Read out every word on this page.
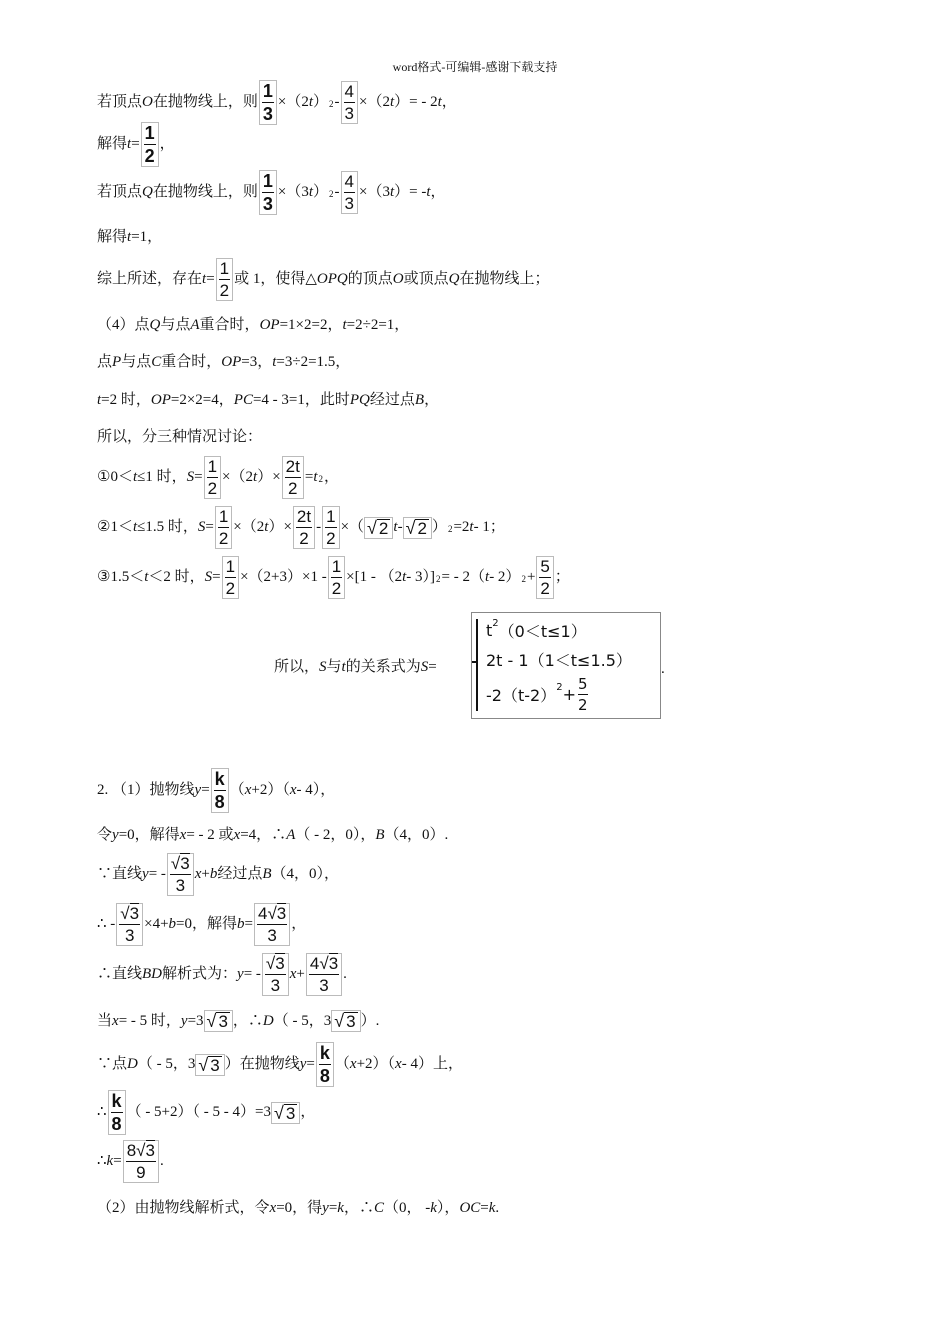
word格式-可编辑-感谢下载支持
若顶点 O 在抛物线上，则
1
3
×（2 t ） 2 -
4
3
×（2 t ）= - 2 t ，
解得 t =
1
2
，
若顶点 Q 在抛物线上，则
1
3
×（3 t ） 2 -
4
3
×（3 t ）= - t ，
解得 t =1，
综上所述，存在 t =
1
2
或 1，使得△ OPQ 的顶点 O 或顶点 Q 在抛物线上；
（4）点 Q 与点 A 重合时， OP =1×2=2， t =2÷2=1，
点 P 与点 C 重合时， OP =3， t =3÷2=1.5，
t =2 时， OP =2×2=4， PC =4 - 3=1，此时 PQ 经过点 B ，
所以，分三种情况讨论：
①0＜ t ≤1 时， S =
1
2
×（2 t ）×
2t
2
= t 2 ，
②1＜ t ≤1.5 时， S =
1
2
×（2 t ）×
2t
2
-
1
2
×（ √ 2 t - √ 2 ） 2 =2 t - 1；
③1.5＜ t ＜2 时， S =
1
2
×（2+3）×1 -
1
2
×[1 - （2 t - 3）] 2 = - 2（ t - 2） 2 +
5
2
；
所以， S 与 t 的关系式为 S =
t 2 （0＜t≤1）
2t - 1（1＜t≤1.5）
-2（t-2） 2 +
5
2
.
2. （1）抛物线 y =
k
8
（ x +2）（ x - 4），
令 y =0，解得 x = - 2 或 x =4，∴ A （ - 2，0）， B （4，0）.
∵直线 y = -
√3
3
x + b 经过点 B （4，0），
∴ -
√3
3
×4+ b =0，解得 b =
4√3
3
，
∴直线 BD 解析式为： y = -
√3
3
x +
4√3
3
.
当 x = - 5 时， y =3 √ 3 ，∴ D （ - 5，3 √ 3 ）.
∵点 D （ - 5，3 √ 3 ）在抛物线 y =
k
8
（ x +2）（ x - 4）上，
∴
k
8
（ - 5+2）（ - 5 - 4）=3 √ 3 ，
∴ k =
8√3
9
.
（2）由抛物线解析式，令 x =0，得 y = k ，∴ C （0， - k ）， OC = k .
